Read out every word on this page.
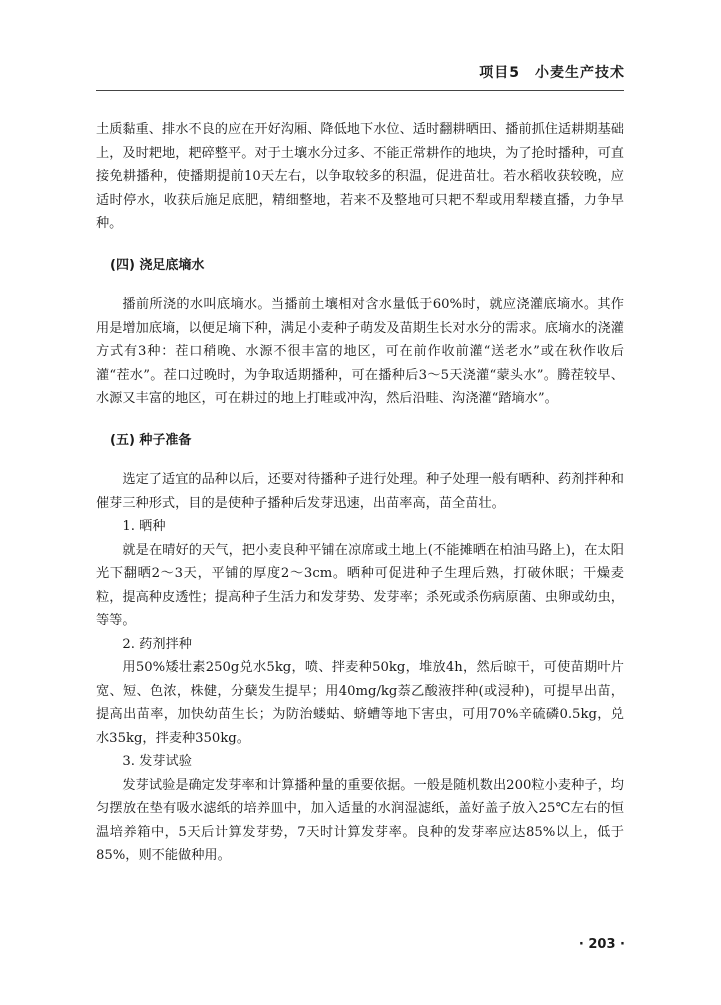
项目5　小麦生产技术

土质黏重、排水不良的应在开好沟厢、降低地下水位、适时翻耕晒田、播前抓住适耕期基础上，及时耙地，耙碎整平。对于土壤水分过多、不能正常耕作的地块，为了抢时播种，可直接免耕播种，使播期提前10天左右，以争取较多的积温，促进苗壮。若水稻收获较晚，应适时停水，收获后施足底肥，精细整地，若来不及整地可只耙不犁或用犁耧直播，力争早种。

(四) 浇足底墒水

播前所浇的水叫底墒水。当播前土壤相对含水量低于60%时，就应浇灌底墒水。其作用是增加底墒，以便足墒下种，满足小麦种子萌发及苗期生长对水分的需求。底墒水的浇灌方式有3种：茬口稍晚、水源不很丰富的地区，可在前作收前灌“送老水”或在秋作收后灌“茬水”。茬口过晚时，为争取适期播种，可在播种后3～5天浇灌“蒙头水”。腾茬较早、水源又丰富的地区，可在耕过的地上打畦或冲沟，然后沿畦、沟浇灌“踏墒水”。

(五) 种子准备

选定了适宜的品种以后，还要对待播种子进行处理。种子处理一般有晒种、药剂拌种和催芽三种形式，目的是使种子播种后发芽迅速，出苗率高，苗全苗壮。

1. 晒种

就是在晴好的天气，把小麦良种平铺在凉席或土地上(不能摊晒在柏油马路上)，在太阳光下翻晒2～3天，平铺的厚度2～3cm。晒种可促进种子生理后熟，打破休眠；干燥麦粒，提高种皮透性；提高种子生活力和发芽势、发芽率；杀死或杀伤病原菌、虫卵或幼虫，等等。

2. 药剂拌种

用50%矮壮素250g兑水5kg，喷、拌麦种50kg，堆放4h，然后晾干，可使苗期叶片宽、短、色浓，株健，分蘖发生提早；用40mg/kg萘乙酸液拌种(或浸种)，可提早出苗，提高出苗率，加快幼苗生长；为防治蝼蛄、蛴螬等地下害虫，可用70%辛硫磷0.5kg，兑水35kg，拌麦种350kg。

3. 发芽试验

发芽试验是确定发芽率和计算播种量的重要依据。一般是随机数出200粒小麦种子，均匀摆放在垫有吸水滤纸的培养皿中，加入适量的水润湿滤纸，盖好盖子放入25℃左右的恒温培养箱中，5天后计算发芽势，7天时计算发芽率。良种的发芽率应达85%以上，低于85%，则不能做种用。

· 203 ·
